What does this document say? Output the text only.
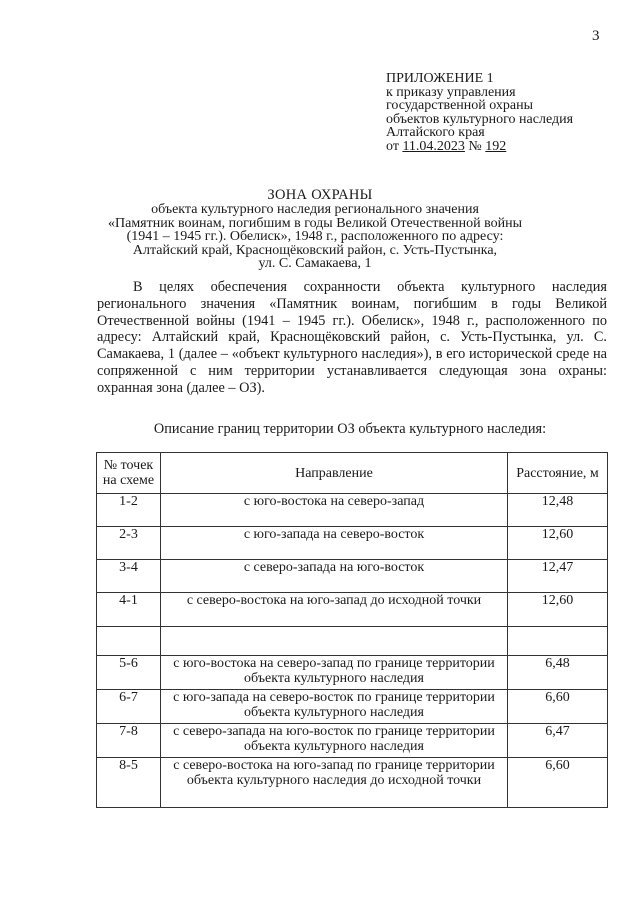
3
ПРИЛОЖЕНИЕ 1
к приказу управления
государственной охраны
объектов культурного наследия
Алтайского края
от 11.04.2023 № 192
ЗОНА ОХРАНЫ
объекта культурного наследия регионального значения
«Памятник воинам, погибшим в годы Великой Отечественной войны
(1941 – 1945 гг.). Обелиск», 1948 г., расположенного по адресу:
Алтайский край, Краснощёковский район, с. Усть-Пустынка,
ул. С. Самакаева, 1

В целях обеспечения сохранности объекта культурного наследия регионального значения «Памятник воинам, погибшим в годы Великой Отечественной войны (1941 – 1945 гг.). Обелиск», 1948 г., расположенного по адресу: Алтайский край, Краснощёковский район, с. Усть-Пустынка, ул. С. Самакаева, 1 (далее – «объект культурного наследия»), в его исторической среде на сопряженной с ним территории устанавливается следующая зона охраны: охранная зона (далее – ОЗ).

Описание границ территории ОЗ объекта культурного наследия:
№ точек на схеме	Направление	Расстояние, м
1-2	с юго-востока на северо-запад	12,48
2-3	с юго-запада на северо-восток	12,60
3-4	с северо-запада на юго-восток	12,47
4-1	с северо-востока на юго-запад до исходной точки	12,60

5-6	с юго-востока на северо-запад по границе территории объекта культурного наследия	6,48
6-7	с юго-запада на северо-восток по границе территории объекта культурного наследия	6,60
7-8	с северо-запада на юго-восток по границе территории объекта культурного наследия	6,47
8-5	с северо-востока на юго-запад по границе территории объекта культурного наследия до исходной точки	6,60
